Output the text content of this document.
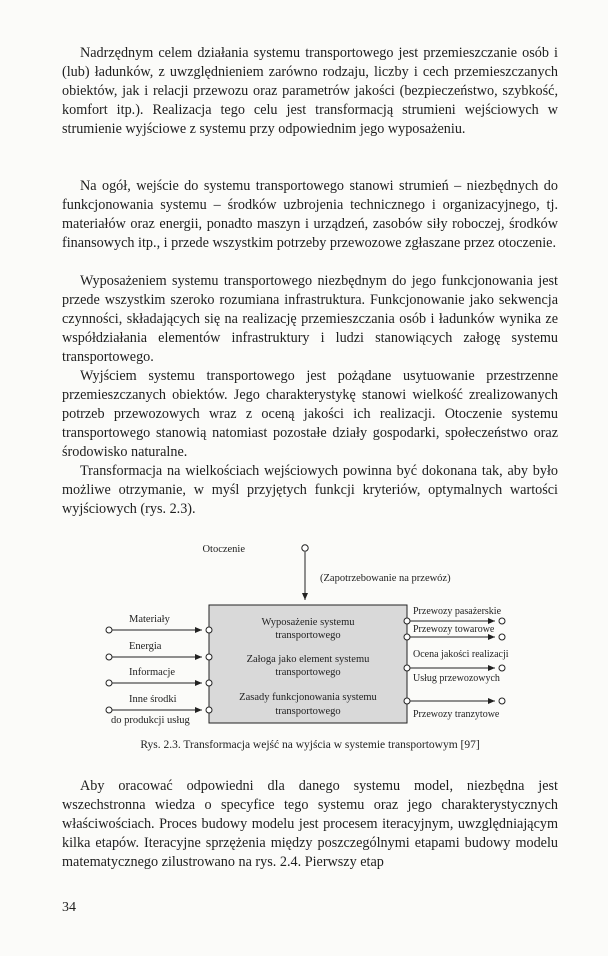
Nadrzędnym celem działania systemu transportowego jest przemieszczanie osób i (lub) ładunków, z uwzględnieniem zarówno rodzaju, liczby i cech przemieszczanych obiektów, jak i relacji przewozu oraz parametrów jakości (bezpieczeństwo, szybkość, komfort itp.). Realizacja tego celu jest transformacją strumieni wejściowych w strumienie wyjściowe z systemu przy odpowiednim jego wyposażeniu.

Na ogół, wejście do systemu transportowego stanowi strumień – niezbędnych do funkcjonowania systemu – środków uzbrojenia technicznego i organizacyjnego, tj. materiałów oraz energii, ponadto maszyn i urządzeń, zasobów siły roboczej, środków finansowych itp., i przede wszystkim potrzeby przewozowe zgłaszane przez otoczenie.

Wyposażeniem systemu transportowego niezbędnym do jego funkcjonowania jest przede wszystkim szeroko rozumiana infrastruktura. Funkcjonowanie jako sekwencja czynności, składających się na realizację przemieszczania osób i ładunków wynika ze współdziałania elementów infrastruktury i ludzi stanowiących załogę systemu transportowego.

Wyjściem systemu transportowego jest pożądane usytuowanie przestrzenne przemieszczanych obiektów. Jego charakterystykę stanowi wielkość zrealizowanych potrzeb przewozowych wraz z oceną jakości ich realizacji. Otoczenie systemu transportowego stanowią natomiast pozostałe działy gospodarki, społeczeństwo oraz środowisko naturalne.

Transformacja na wielkościach wejściowych powinna być dokonana tak, aby było możliwe otrzymanie, w myśl przyjętych funkcji kryteriów, optymalnych wartości wyjściowych (rys. 2.3).

Otoczenie
(Zapotrzebowanie na przewóz)
Wyposażenie systemu
transportowego
Załoga jako element systemu
transportowego
Zasady funkcjonowania systemu
transportowego
Materiały
Energia
Informacje
Inne środki
do produkcji usług
Przewozy pasażerskie
Przewozy towarowe
Ocena jakości realizacji
Usług przewozowych
Przewozy tranzytowe
Rys. 2.3. Transformacja wejść na wyjścia w systemie transportowym [97]

Aby oracować odpowiedni dla danego systemu model, niezbędna jest wszechstronna wiedza o specyfice tego systemu oraz jego charakterystycznych właściwościach. Proces budowy modelu jest procesem iteracyjnym, uwzględniającym kilka etapów. Iteracyjne sprzężenia między poszczególnymi etapami budowy modelu matematycznego zilustrowano na rys. 2.4. Pierwszy etap

34
